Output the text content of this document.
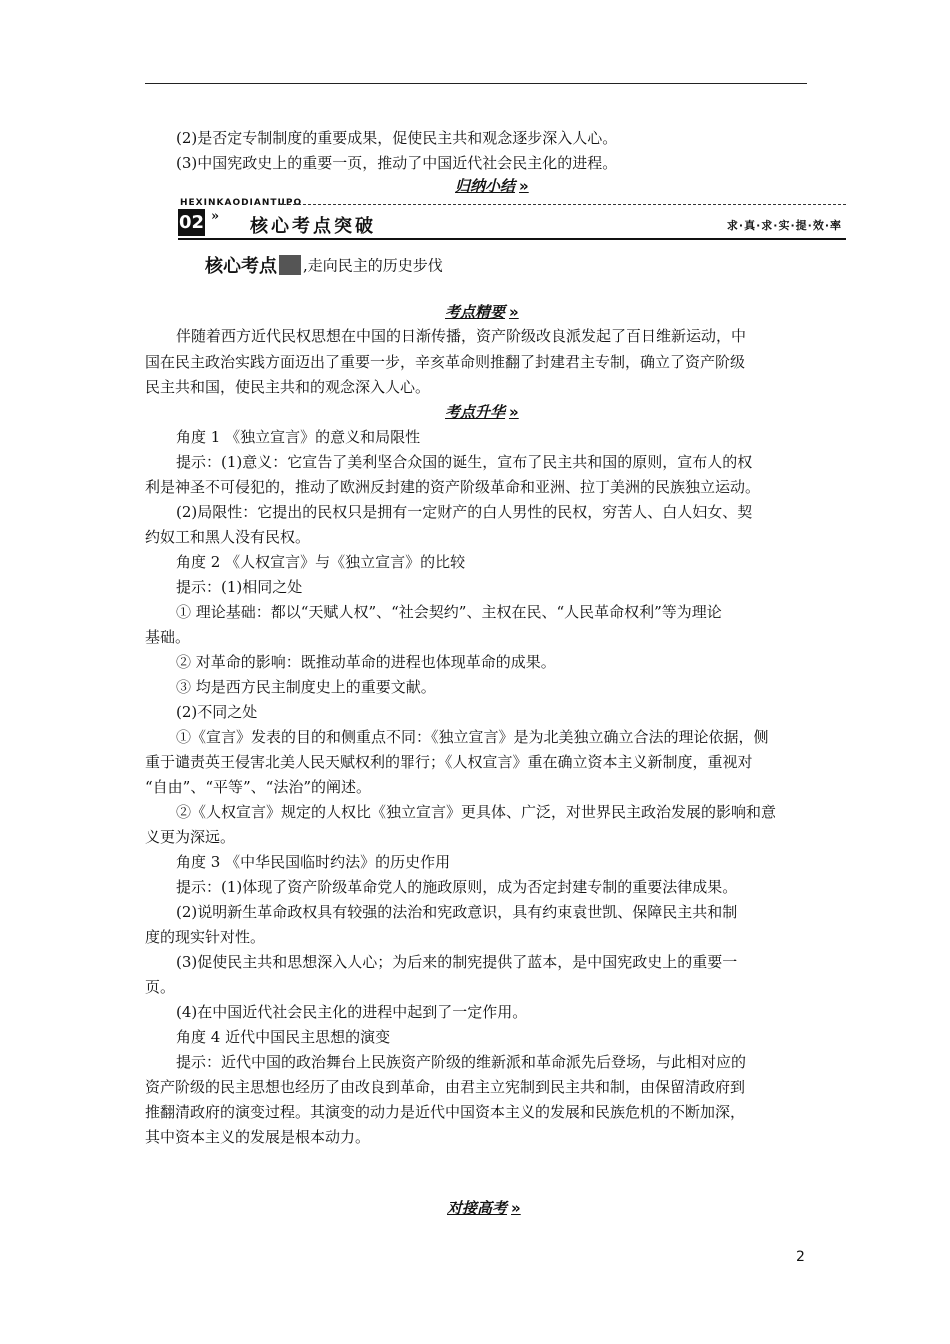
(2)是否定专制制度的重要成果，促使民主共和观念逐步深入人心。
(3)中国宪政史上的重要一页，推动了中国近代社会民主化的进程。
归纳小结 »
HEXINKAODIANTUPO
02 » 核心考点突破	求·真·求·实·提·效·率
核心考点 ,走向民主的历史步伐
考点精要 »
伴随着西方近代民权思想在中国的日渐传播，资产阶级改良派发起了百日维新运动，中
国在民主政治实践方面迈出了重要一步，辛亥革命则推翻了封建君主专制，确立了资产阶级
民主共和国，使民主共和的观念深入人心。
考点升华 »
角度 1 《独立宣言》的意义和局限性
提示：(1)意义：它宣告了美利坚合众国的诞生，宣布了民主共和国的原则，宣布人的权
利是神圣不可侵犯的，推动了欧洲反封建的资产阶级革命和亚洲、拉丁美洲的民族独立运动。
(2)局限性：它提出的民权只是拥有一定财产的白人男性的民权，穷苦人、白人妇女、契
约奴工和黑人没有民权。
角度 2 《人权宣言》与《独立宣言》的比较
提示：(1)相同之处
① 理论基础：都以“天赋人权”、“社会契约”、主权在民、“人民革命权利”等为理论
基础。
② 对革命的影响：既推动革命的进程也体现革命的成果。
③ 均是西方民主制度史上的重要文献。
(2)不同之处
①《宣言》发表的目的和侧重点不同：《独立宣言》是为北美独立确立合法的理论依据，侧
重于谴责英王侵害北美人民天赋权利的罪行；《人权宣言》重在确立资本主义新制度，重视对
“自由”、“平等”、“法治”的阐述。
②《人权宣言》规定的人权比《独立宣言》更具体、广泛，对世界民主政治发展的影响和意
义更为深远。
角度 3 《中华民国临时约法》的历史作用
提示：(1)体现了资产阶级革命党人的施政原则，成为否定封建专制的重要法律成果。
(2)说明新生革命政权具有较强的法治和宪政意识，具有约束袁世凯、保障民主共和制
度的现实针对性。
(3)促使民主共和思想深入人心；为后来的制宪提供了蓝本，是中国宪政史上的重要一
页。
(4)在中国近代社会民主化的进程中起到了一定作用。
角度 4 近代中国民主思想的演变
提示：近代中国的政治舞台上民族资产阶级的维新派和革命派先后登场，与此相对应的
资产阶级的民主思想也经历了由改良到革命，由君主立宪制到民主共和制，由保留清政府到
推翻清政府的演变过程。其演变的动力是近代中国资本主义的发展和民族危机的不断加深，
其中资本主义的发展是根本动力。
对接高考 »
2
